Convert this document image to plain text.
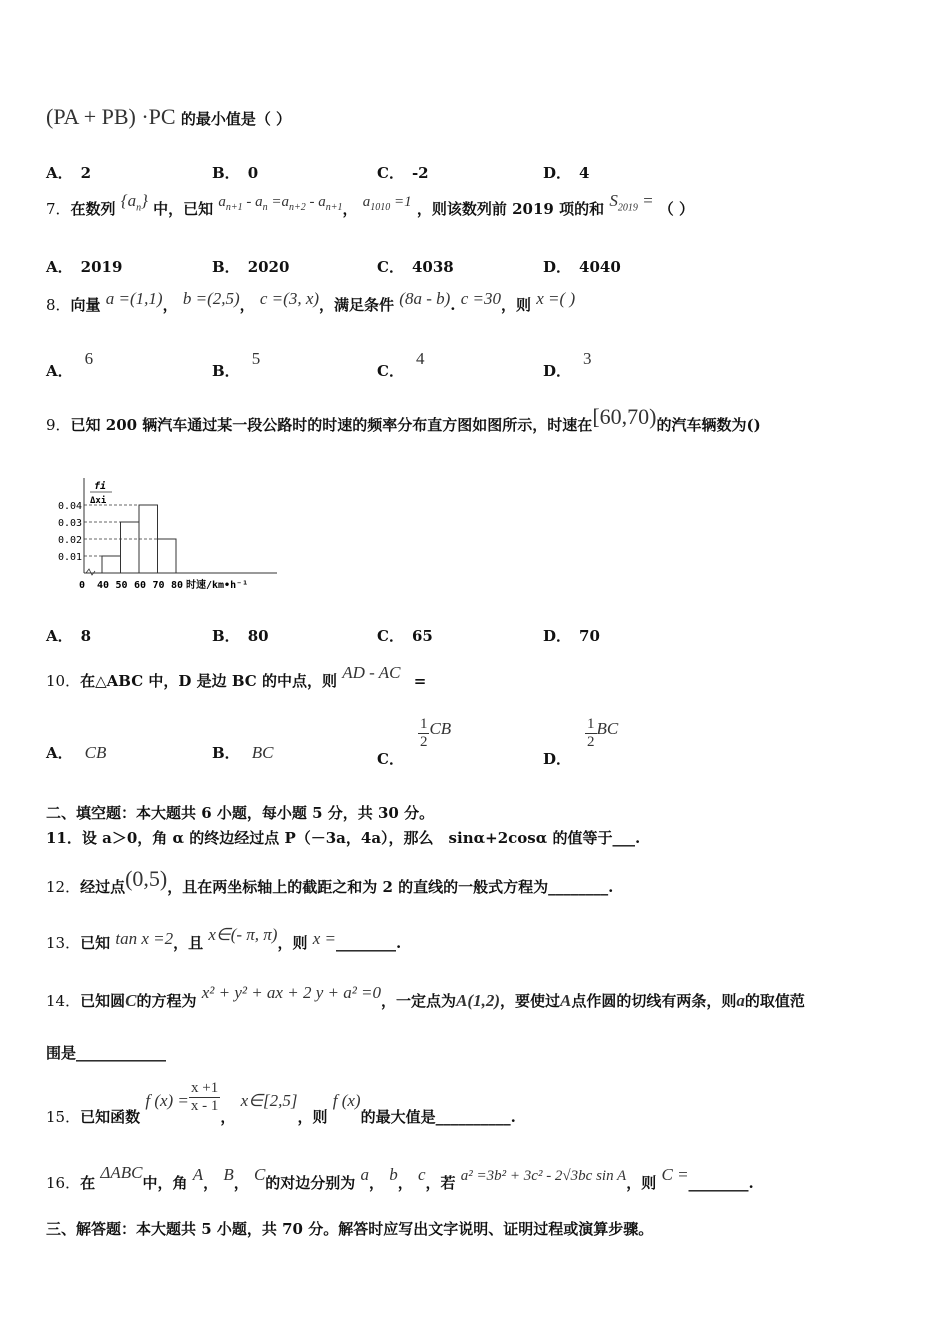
(PA + PB) ·PC 的最小值是（ ）
A． 2	B． 0	C． -2	D． 4
7．在数列 $\{a_n\}$ 中，已知 $a_{n+1} - a_n =a_{n+2} - a_{n+1}$， $a_{1010} =1$ ，则该数列前 2019 项的和 $S_{2019}$ = （ ）
A． 2019	B． 2020	C． 4038	D． 4040
8．向量 a =(1,1)， b =(2,5)， c =(3, x)，满足条件 (8a - b). c =30，则 x =( )
A．6
B．5
C．4
D．3
9．已知 200 辆汽车通过某一段公路时的时速的频率分布直方图如图所示，时速在[60,70)的汽车辆数为()
fi
Δxi
0.01
0.02
0.03
0.04
0 40 50 60 70 80 时速/km•h⁻¹
A． 8	B． 80	C． 65	D． 70
10．在△ABC 中，D 是边 BC 的中点，则 AD - AC =
A． CB	B． BC	C．
$\frac{1}{2}$ CB
D．
$\frac{1}{2}$ BC
二、填空题：本大题共 6 小题，每小题 5 分，共 30 分。
11．设 a＞0，角 α 的终边经过点 P（－3a，4a），那么　sinα+2cosα 的值等于___.
12．经过点(0,5)，且在两坐标轴上的截距之和为 2 的直线的一般式方程为________.
13．已知 tan x =2，且 x∈(- π, π)，则 x =________.
14．已知圆C的方程为 x² + y² + ax + 2 y + a² =0，一定点为A(1,2)，要使过A点作圆的切线有两条，则a的取值范
围是____________
15．已知函数 f $(x) = \frac{x +1}{x - 1}$
， x∈[2,5]，则 f (x)的最大值是__________.
16．在 ΔABC中，角 A， B， C的对边分别为 a， b， c，若 a² =3b² + 3c² - 2√3bc sin A，则 C =________.
三、解答题：本大题共 5 小题，共 70 分。解答时应写出文字说明、证明过程或演算步骤。
